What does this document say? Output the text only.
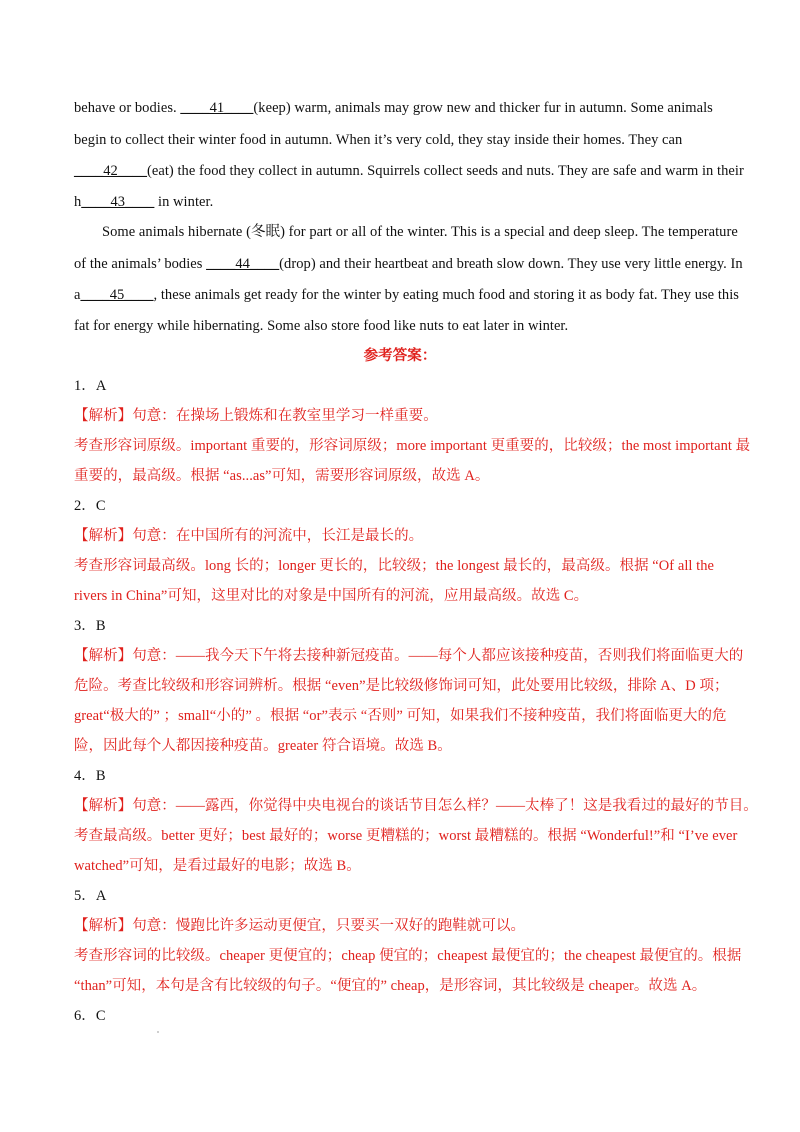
behave or bodies. ____41____(keep) warm, animals may grow new and thicker fur in autumn. Some animals
begin to collect their winter food in autumn. When it’s very cold, they stay inside their homes. They can
____42____(eat) the food they collect in autumn. Squirrels collect seeds and nuts. They are safe and warm in their
h____43____ in winter.
Some animals hibernate (冬眠) for part or all of the winter. This is a special and deep sleep. The temperature
of the animals’ bodies ____44____(drop) and their heartbeat and breath slow down. They use very little energy. In
a____45____, these animals get ready for the winter by eating much food and storing it as body fat. They use this
fat for energy while hibernating. Some also store food like nuts to eat later in winter.
参考答案：
1．A
【解析】句意：在操场上锻炼和在教室里学习一样重要。
考查形容词原级。important 重要的，形容词原级；more important 更重要的，比较级；the most important 最
重要的，最高级。根据 “as...as”可知，需要形容词原级，故选 A。
2．C
【解析】句意：在中国所有的河流中，长江是最长的。
考查形容词最高级。long 长的；longer 更长的，比较级；the longest 最长的，最高级。根据 “Of all the
rivers in China”可知，这里对比的对象是中国所有的河流，应用最高级。故选 C。
3．B
【解析】句意：——我今天下午将去接种新冠疫苗。——每个人都应该接种疫苗，否则我们将面临更大的
危险。考查比较级和形容词辨析。根据 “even”是比较级修饰词可知，此处要用比较级，排除 A、D 项；
great“极大的” ；small“小的” 。根据 “or”表示 “否则” 可知，如果我们不接种疫苗，我们将面临更大的危
险，因此每个人都因接种疫苗。greater 符合语境。故选 B。
4．B
【解析】句意：——露西，你觉得中央电视台的谈话节目怎么样？——太棒了！这是我看过的最好的节目。
考查最高级。better 更好；best 最好的；worse 更糟糕的；worst 最糟糕的。根据 “Wonderful!”和 “I’ve ever
watched”可知，是看过最好的电影；故选 B。
5．A
【解析】句意：慢跑比许多运动更便宜，只要买一双好的跑鞋就可以。
考查形容词的比较级。cheaper 更便宜的；cheap 便宜的；cheapest 最便宜的；the cheapest 最便宜的。根据
“than”可知，本句是含有比较级的句子。“便宜的” cheap，是形容词，其比较级是 cheaper。故选 A。
6．C
